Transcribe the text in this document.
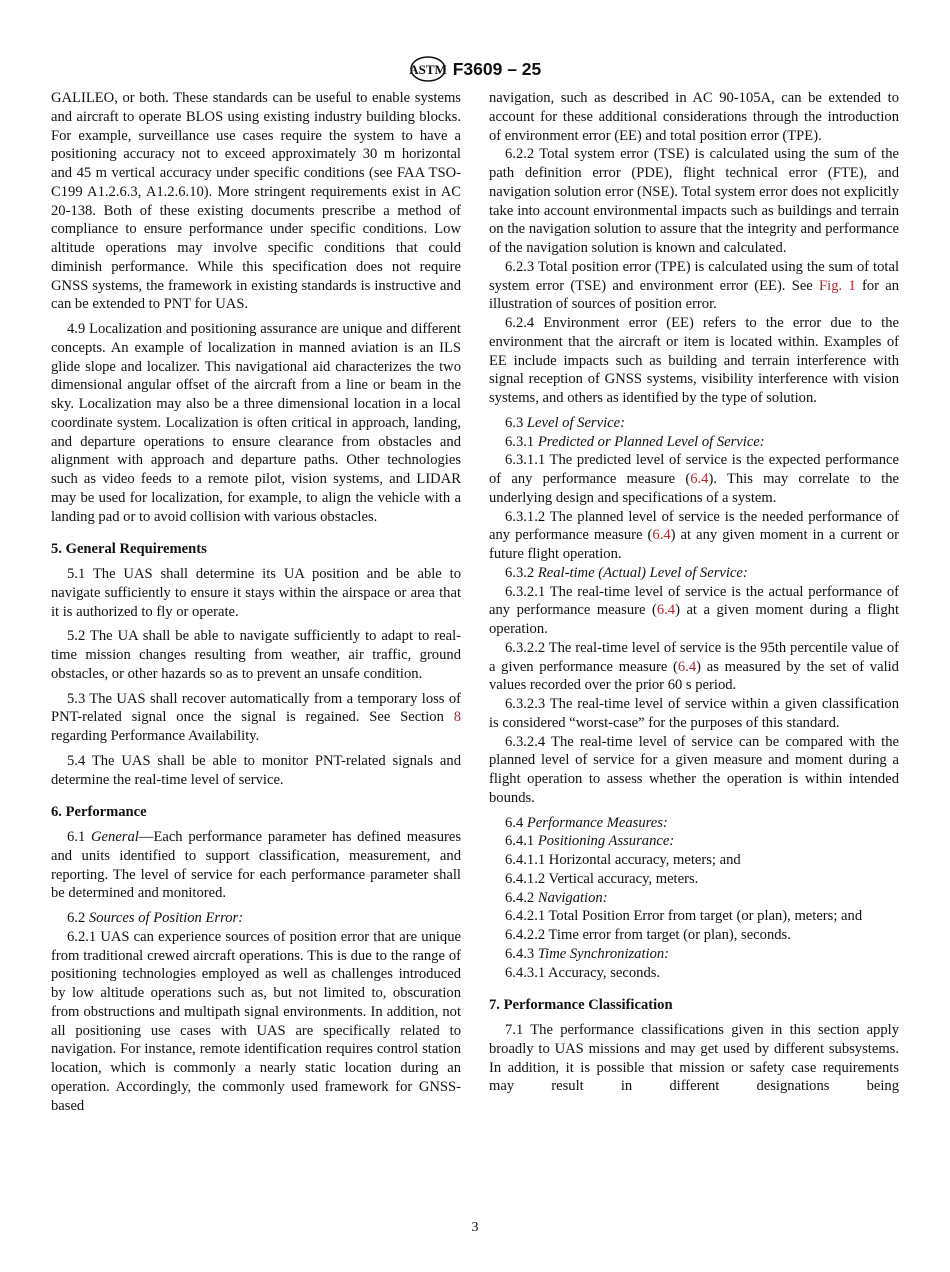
ASTM F3609 – 25

GALILEO, or both. These standards can be useful to enable systems and aircraft to operate BLOS using existing industry building blocks. For example, surveillance use cases require the system to have a positioning accuracy not to exceed approximately 30 m horizontal and 45 m vertical accuracy under specific conditions (see FAA TSO-C199 A1.2.6.3, A1.2.6.10). More stringent requirements exist in AC 20-138. Both of these existing documents prescribe a method of compliance to ensure performance under specific conditions. Low altitude operations may involve specific conditions that could diminish performance. While this specification does not require GNSS systems, the framework in existing standards is instructive and can be extended to PNT for UAS.

4.9 Localization and positioning assurance are unique and different concepts. An example of localization in manned aviation is an ILS glide slope and localizer. This navigational aid characterizes the two dimensional angular offset of the aircraft from a line or beam in the sky. Localization may also be a three dimensional location in a local coordinate system. Localization is often critical in approach, landing, and departure operations to ensure clearance from obstacles and alignment with approach and departure paths. Other technologies such as video feeds to a remote pilot, vision systems, and LIDAR may be used for localization, for example, to align the vehicle with a landing pad or to avoid collision with various obstacles.

5. General Requirements

5.1 The UAS shall determine its UA position and be able to navigate sufficiently to ensure it stays within the airspace or area that it is authorized to fly or operate.

5.2 The UA shall be able to navigate sufficiently to adapt to real-time mission changes resulting from weather, air traffic, ground obstacles, or other hazards so as to prevent an unsafe condition.

5.3 The UAS shall recover automatically from a temporary loss of PNT-related signal once the signal is regained. See Section 8 regarding Performance Availability.

5.4 The UAS shall be able to monitor PNT-related signals and determine the real-time level of service.

6. Performance

6.1 General—Each performance parameter has defined measures and units identified to support classification, measurement, and reporting. The level of service for each performance parameter shall be determined and monitored.

6.2 Sources of Position Error:

6.2.1 UAS can experience sources of position error that are unique from traditional crewed aircraft operations. This is due to the range of positioning technologies employed as well as challenges introduced by low altitude operations such as, but not limited to, obscuration from obstructions and multipath signal environments. In addition, not all positioning use cases with UAS are specifically related to navigation. For instance, remote identification requires control station location, which is commonly a nearly static location during an operation. Accordingly, the commonly used framework for GNSS-based

navigation, such as described in AC 90-105A, can be extended to account for these additional considerations through the introduction of environment error (EE) and total position error (TPE).

6.2.2 Total system error (TSE) is calculated using the sum of the path definition error (PDE), flight technical error (FTE), and navigation solution error (NSE). Total system error does not explicitly take into account environmental impacts such as buildings and terrain on the navigation solution to assure that the integrity and performance of the navigation solution is known and calculated.

6.2.3 Total position error (TPE) is calculated using the sum of total system error (TSE) and environment error (EE). See Fig. 1 for an illustration of sources of position error.

6.2.4 Environment error (EE) refers to the error due to the environment that the aircraft or item is located within. Examples of EE include impacts such as building and terrain interference with signal reception of GNSS systems, visibility interference with vision systems, and others as identified by the type of solution.

6.3 Level of Service:

6.3.1 Predicted or Planned Level of Service:

6.3.1.1 The predicted level of service is the expected performance of any performance measure (6.4). This may correlate to the underlying design and specifications of a system.

6.3.1.2 The planned level of service is the needed performance of any performance measure (6.4) at any given moment in a current or future flight operation.

6.3.2 Real-time (Actual) Level of Service:

6.3.2.1 The real-time level of service is the actual performance of any performance measure (6.4) at a given moment during a flight operation.

6.3.2.2 The real-time level of service is the 95th percentile value of a given performance measure (6.4) as measured by the set of valid values recorded over the prior 60 s period.

6.3.2.3 The real-time level of service within a given classification is considered “worst-case” for the purposes of this standard.

6.3.2.4 The real-time level of service can be compared with the planned level of service for a given measure and moment during a flight operation to assess whether the operation is within intended bounds.

6.4 Performance Measures:

6.4.1 Positioning Assurance:

6.4.1.1 Horizontal accuracy, meters; and

6.4.1.2 Vertical accuracy, meters.

6.4.2 Navigation:

6.4.2.1 Total Position Error from target (or plan), meters; and

6.4.2.2 Time error from target (or plan), seconds.

6.4.3 Time Synchronization:

6.4.3.1 Accuracy, seconds.

7. Performance Classification

7.1 The performance classifications given in this section apply broadly to UAS missions and may get used by different subsystems. In addition, it is possible that mission or safety case requirements may result in different designations being

3
